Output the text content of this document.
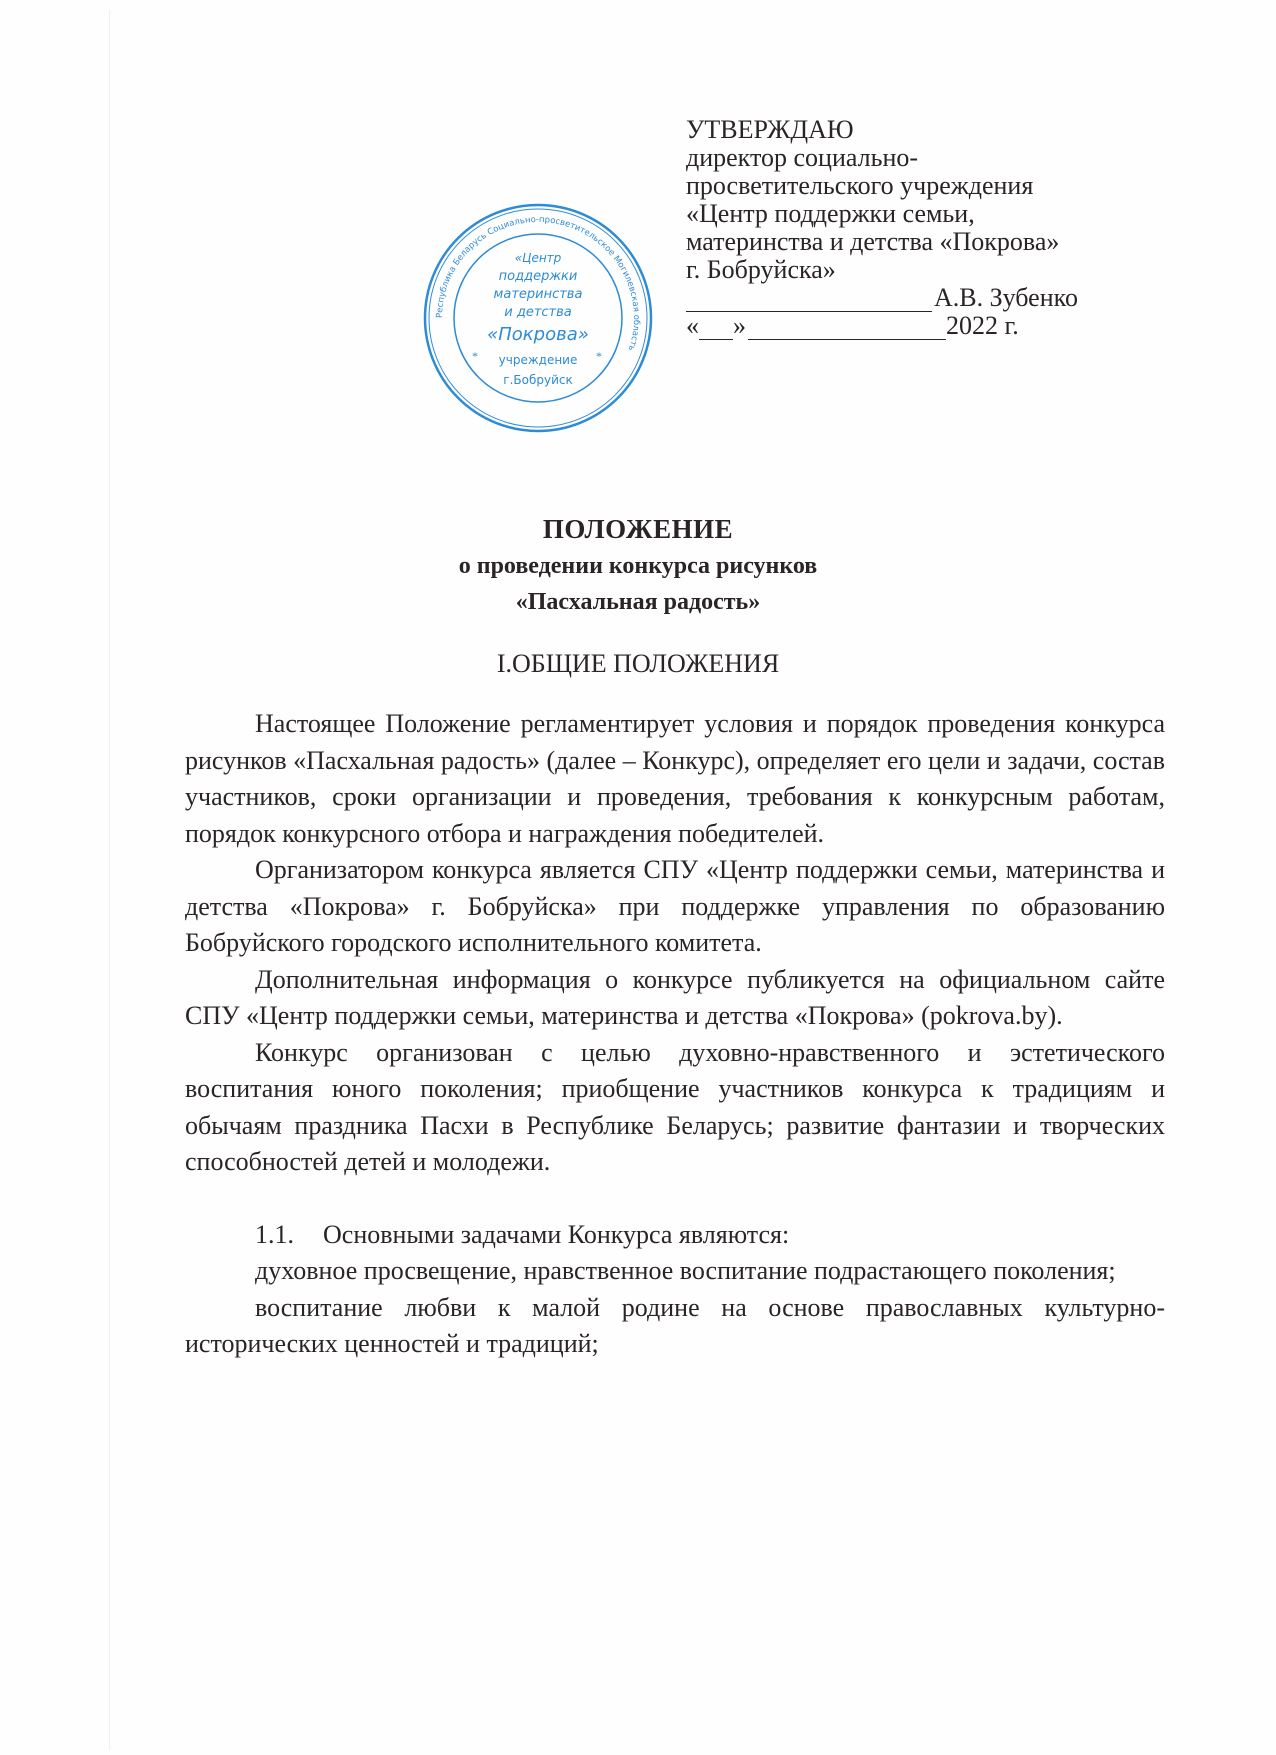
Республика Беларусь Социально-просветительское Могилевская область
«Центр
поддержки
материнства
и детства
«Покрова»
учреждение
г.Бобруйск
*	*
УТВЕРЖДАЮ
директор социально-
просветительского учреждения
«Центр поддержки семьи,
материнства и детства «Покрова»
г. Бобруйска»
А.В. Зубенко
« »	2022 г.
ПОЛОЖЕНИЕ
о проведении конкурса рисунков
«Пасхальная радость»
I.ОБЩИЕ ПОЛОЖЕНИЯ

Настоящее Положение регламентирует условия и порядок проведения конкурса рисунков «Пасхальная радость» (далее – Конкурс), определяет его цели и задачи, состав участников, сроки организации и проведения, требования к конкурсным работам, порядок конкурсного отбора и награждения победителей.

Организатором конкурса является СПУ «Центр поддержки семьи, материнства и детства «Покрова» г. Бобруйска» при поддержке управления по образованию Бобруйского городского исполнительного комитета.

Дополнительная информация о конкурсе публикуется на официальном сайте СПУ «Центр поддержки семьи, материнства и детства «Покрова» (pokrova.by).

Конкурс организован с целью духовно-нравственного и эстетического воспитания юного поколения; приобщение участников конкурса к традициям и обычаям праздника Пасхи в Республике Беларусь; развитие фантазии и творческих способностей детей и молодежи.

1.1. Основными задачами Конкурса являются:

духовное просвещение, нравственное воспитание подрастающего поколения;

воспитание любви к малой родине на основе православных культурно-исторических ценностей и традиций;
